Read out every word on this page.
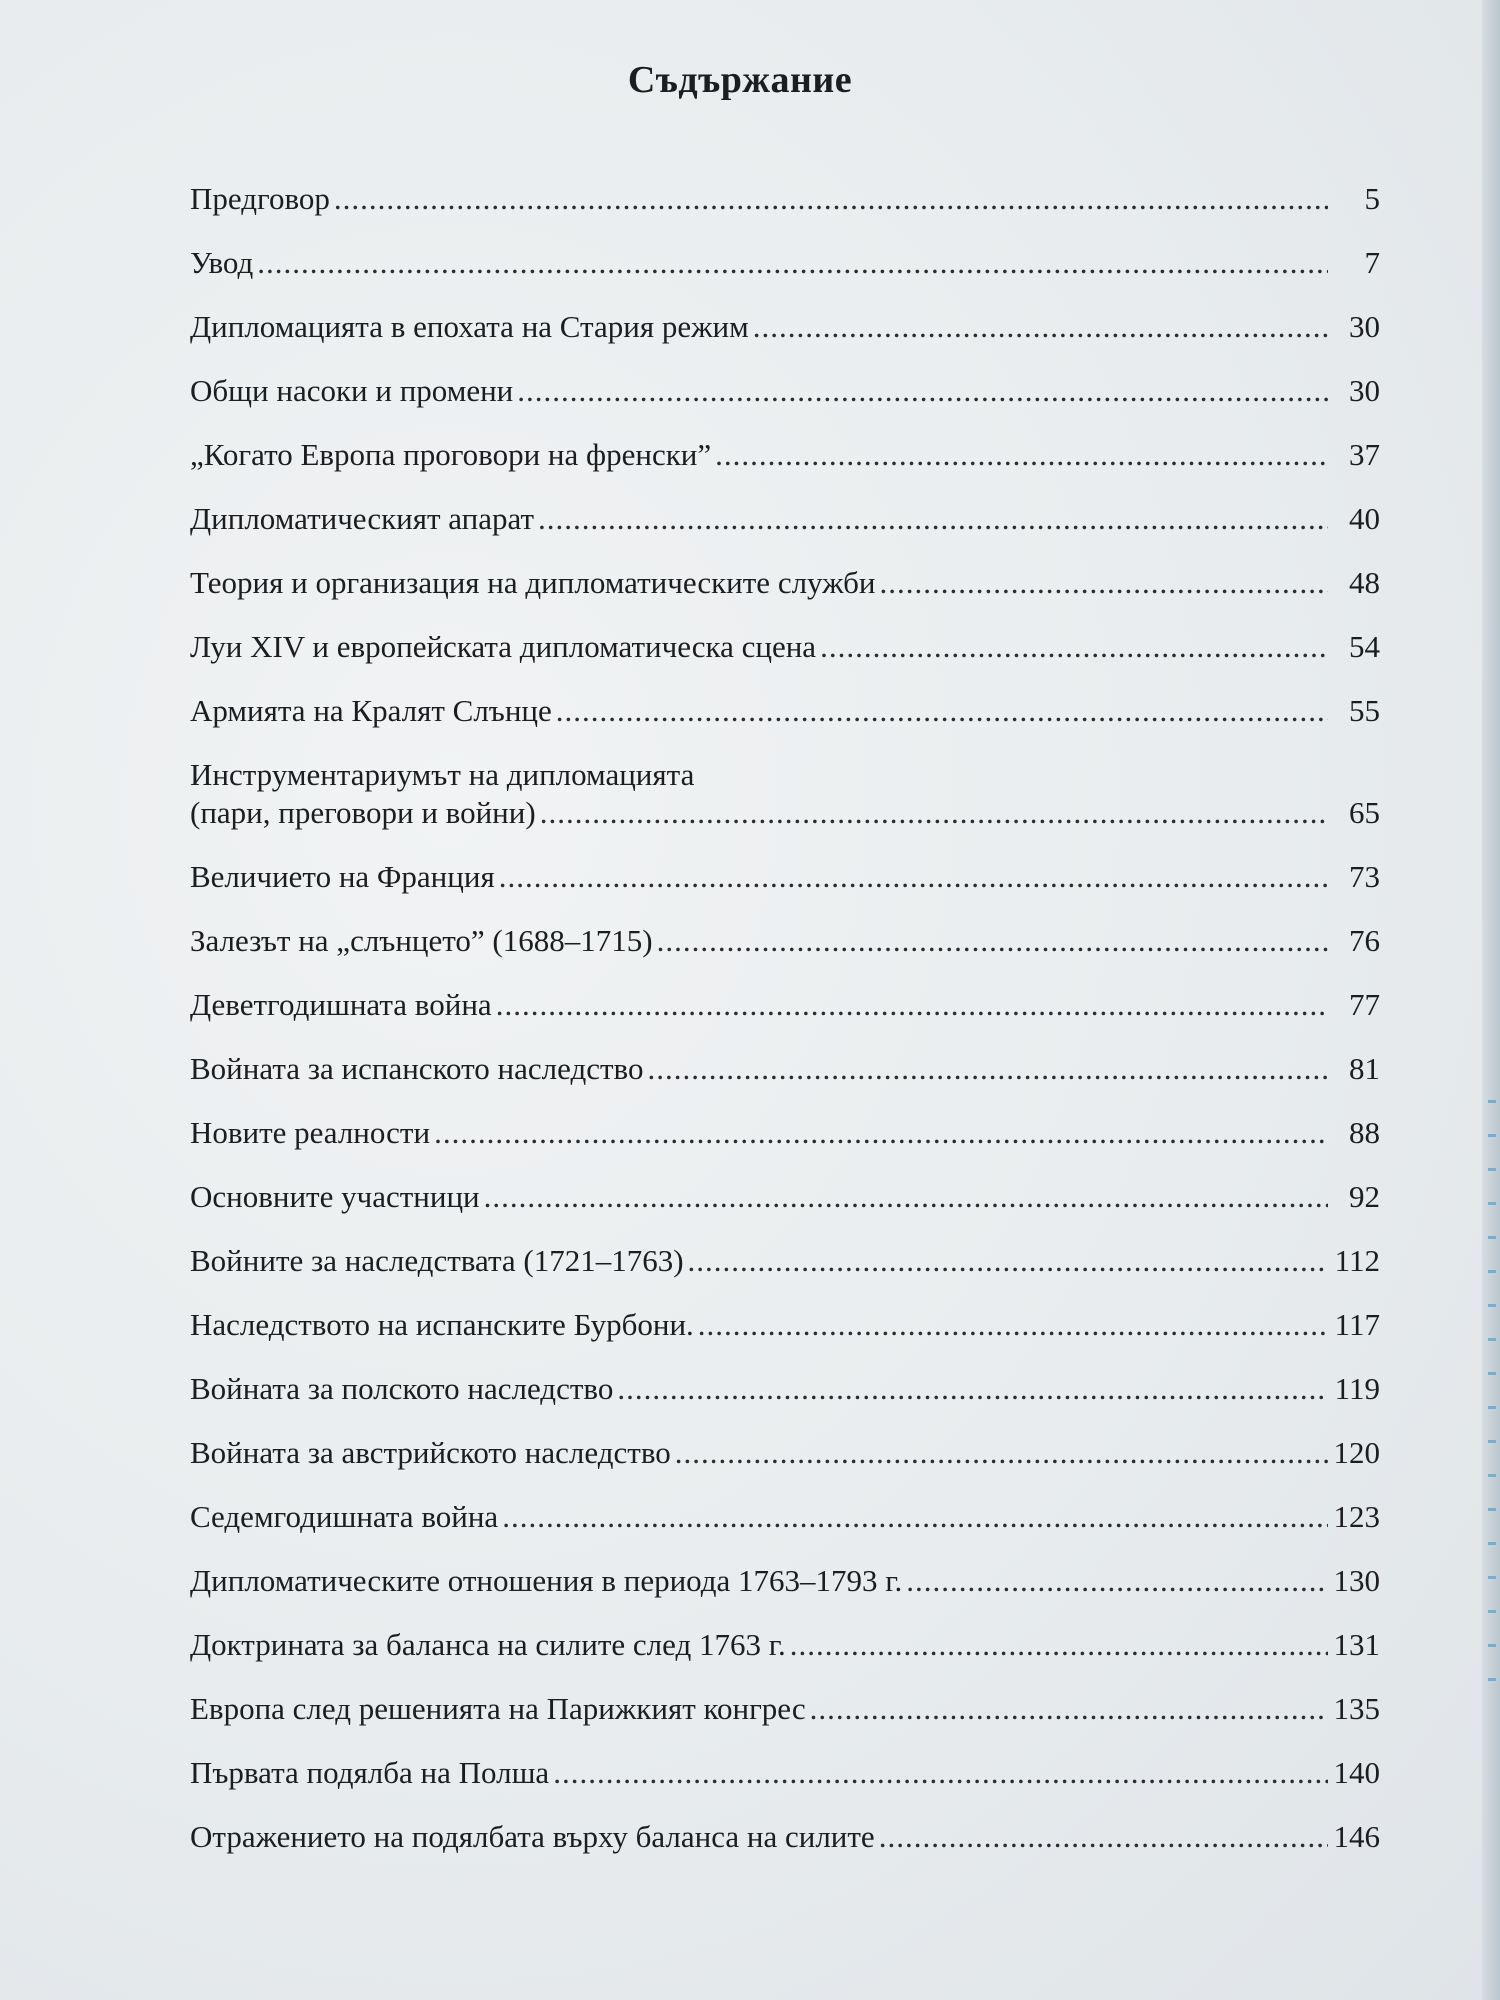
Съдържание
Предговор .....	5
Увод .....	7
Дипломацията в епохата на Стария режим .....	30
Общи насоки и промени .....	30
„Когато Европа проговори на френски” .....	37
Дипломатическият апарат .....	40
Теория и организация на дипломатическите служби .....	48
Луи XIV и европейската дипломатическа сцена .....	54
Армията на Кралят Слънце .....	55
Инструментариумът на дипломацията
(пари, преговори и войни) .....	65
Величието на Франция .....	73
Залезът на „слънцето” (1688–1715) .....	76
Деветгодишната война .....	77
Войната за испанското наследство .....	81
Новите реалности .....	88
Основните участници .....	92
Войните за наследствата (1721–1763) .....	112
Наследството на испанските Бурбони. .....	117
Войната за полското наследство .....	119
Войната за австрийското наследство .....	120
Седемгодишната война .....	123
Дипломатическите отношения в периода 1763–1793 г. .....	130
Доктрината за баланса на силите след 1763 г. .....	131
Европа след решенията на Парижкият конгрес .....	135
Първата подялба на Полша .....	140
Отражението на подялбата върху баланса на силите .....	146
